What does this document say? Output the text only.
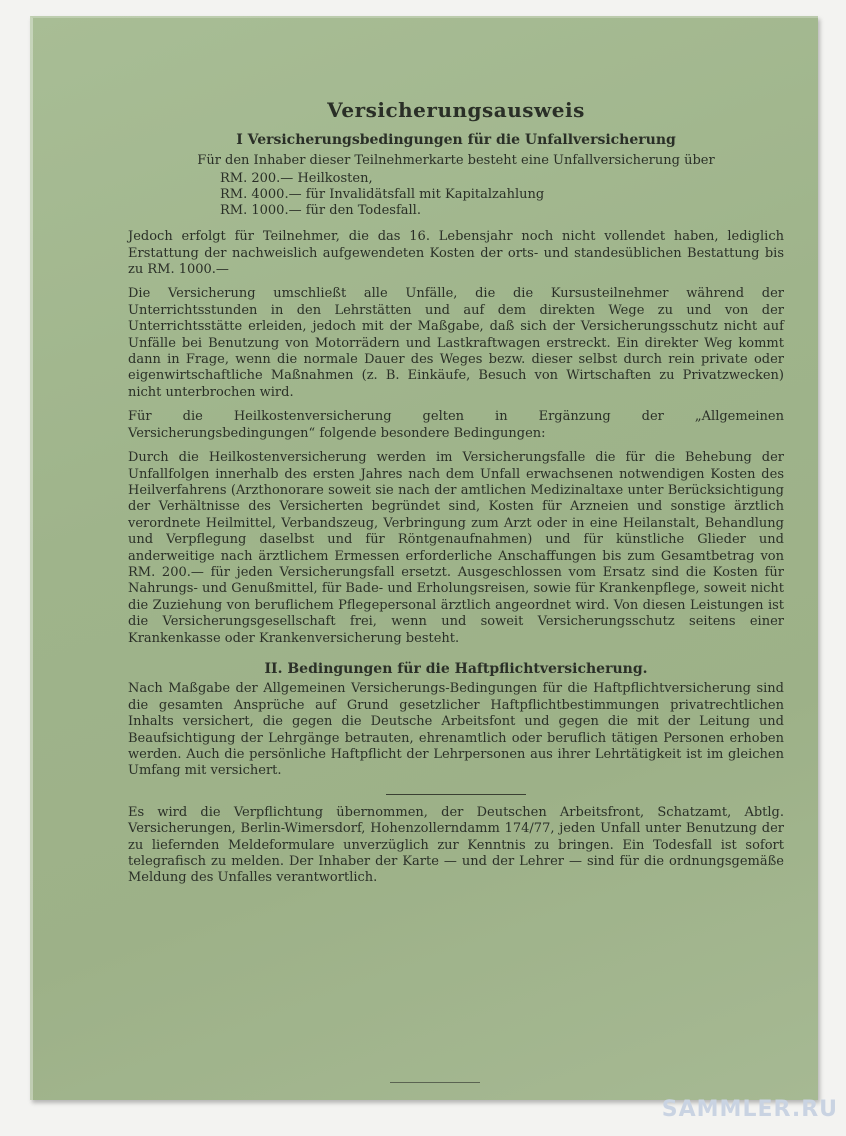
Versicherungsausweis
I Versicherungsbedingungen für die Unfallversicherung
Für den Inhaber dieser Teilnehmerkarte besteht eine Unfallversicherung über
RM. 200.— Heilkosten,
RM. 4000.— für Invalidätsfall mit Kapitalzahlung
RM. 1000.— für den Todesfall.
Jedoch erfolgt für Teilnehmer, die das 16. Lebensjahr noch nicht vollendet haben, lediglich Erstattung der nachweislich aufgewendeten Kosten der orts- und standesüblichen Bestattung bis zu RM. 1000.—
Die Versicherung umschließt alle Unfälle, die die Kursusteilnehmer während der Unterrichtsstunden in den Lehrstätten und auf dem direkten Wege zu und von der Unterrichtsstätte erleiden, jedoch mit der Maßgabe, daß sich der Versicherungsschutz nicht auf Unfälle bei Benutzung von Motorrädern und Lastkraftwagen erstreckt. Ein direkter Weg kommt dann in Frage, wenn die normale Dauer des Weges bezw. dieser selbst durch rein private oder eigenwirtschaftliche Maßnahmen (z. B. Einkäufe, Besuch von Wirtschaften zu Privatzwecken) nicht unterbrochen wird.
Für die Heilkostenversicherung gelten in Ergänzung der „Allgemeinen Versicherungsbedingungen“ folgende besondere Bedingungen:
Durch die Heilkostenversicherung werden im Versicherungsfalle die für die Behebung der Unfallfolgen innerhalb des ersten Jahres nach dem Unfall erwachsenen notwendigen Kosten des Heilverfahrens (Arzthonorare soweit sie nach der amtlichen Medizinaltaxe unter Berücksichtigung der Verhältnisse des Versicherten begründet sind, Kosten für Arzneien und sonstige ärztlich verordnete Heilmittel, Verbandszeug, Verbringung zum Arzt oder in eine Heilanstalt, Behandlung und Verpflegung daselbst und für Röntgenaufnahmen) und für künstliche Glieder und anderweitige nach ärztlichem Ermessen erforderliche Anschaffungen bis zum Gesamtbetrag von RM. 200.— für jeden Versicherungsfall ersetzt. Ausgeschlossen vom Ersatz sind die Kosten für Nahrungs- und Genußmittel, für Bade- und Erholungsreisen, sowie für Krankenpflege, soweit nicht die Zuziehung von beruflichem Pflegepersonal ärztlich angeordnet wird. Von diesen Leistungen ist die Versicherungsgesellschaft frei, wenn und soweit Versicherungsschutz seitens einer Krankenkasse oder Krankenversicherung besteht.
II. Bedingungen für die Haftpflichtversicherung.
Nach Maßgabe der Allgemeinen Versicherungs-Bedingungen für die Haftpflichtversicherung sind die gesamten Ansprüche auf Grund gesetzlicher Haftpflichtbestimmungen privatrechtlichen Inhalts versichert, die gegen die Deutsche Arbeitsfont und gegen die mit der Leitung und Beaufsichtigung der Lehrgänge betrauten, ehrenamtlich oder beruflich tätigen Personen erhoben werden. Auch die persönliche Haftpflicht der Lehrpersonen aus ihrer Lehrtätigkeit ist im gleichen Umfang mit versichert.
Es wird die Verpflichtung übernommen, der Deutschen Arbeitsfront, Schatzamt, Abtlg. Versicherungen, Berlin-Wimersdorf, Hohenzollerndamm 174/77, jeden Unfall unter Benutzung der zu liefernden Meldeformulare unverzüglich zur Kenntnis zu bringen. Ein Todesfall ist sofort telegrafisch zu melden. Der Inhaber der Karte — und der Lehrer — sind für die ordnungsgemäße Meldung des Unfalles verantwortlich.
SAMMLER.RU
